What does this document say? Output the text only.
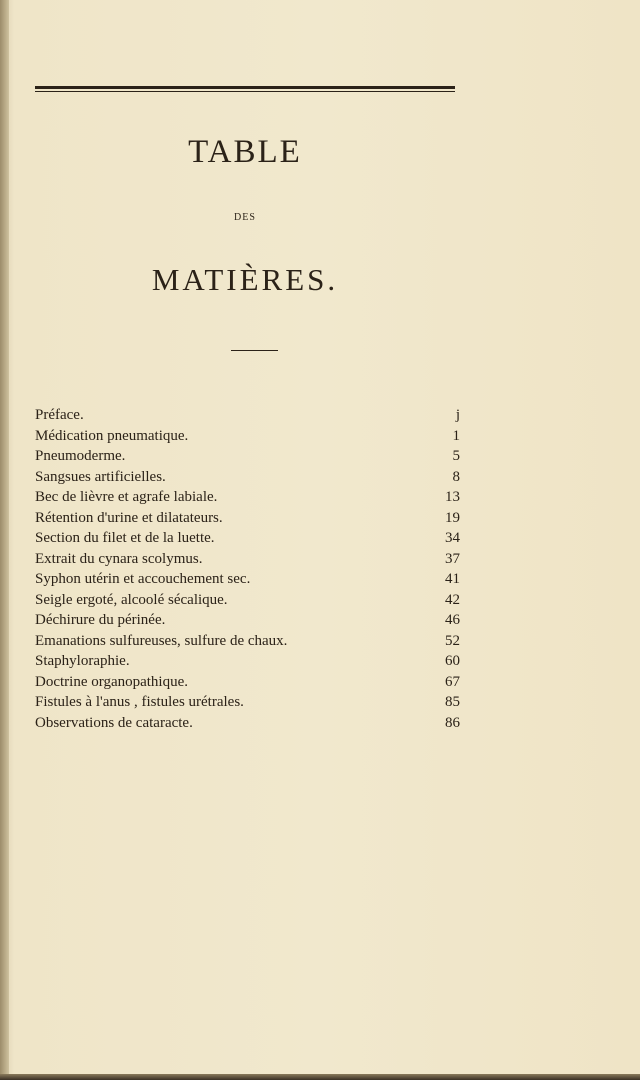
TABLE
DES
MATIÈRES.
Préface.	j
Médication pneumatique.	1
Pneumoderme.	5
Sangsues artificielles.	8
Bec de lièvre et agrafe labiale.	13
Rétention d'urine et dilatateurs.	19
Section du filet et de la luette.	34
Extrait du cynara scolymus.	37
Syphon utérin et accouchement sec.	41
Seigle ergoté, alcoolé sécalique.	42
Déchirure du périnée.	46
Emanations sulfureuses, sulfure de chaux.	52
Staphyloraphie.	60
Doctrine organopathique.	67
Fistules à l'anus , fistules urétrales.	85
Observations de cataracte.	86
